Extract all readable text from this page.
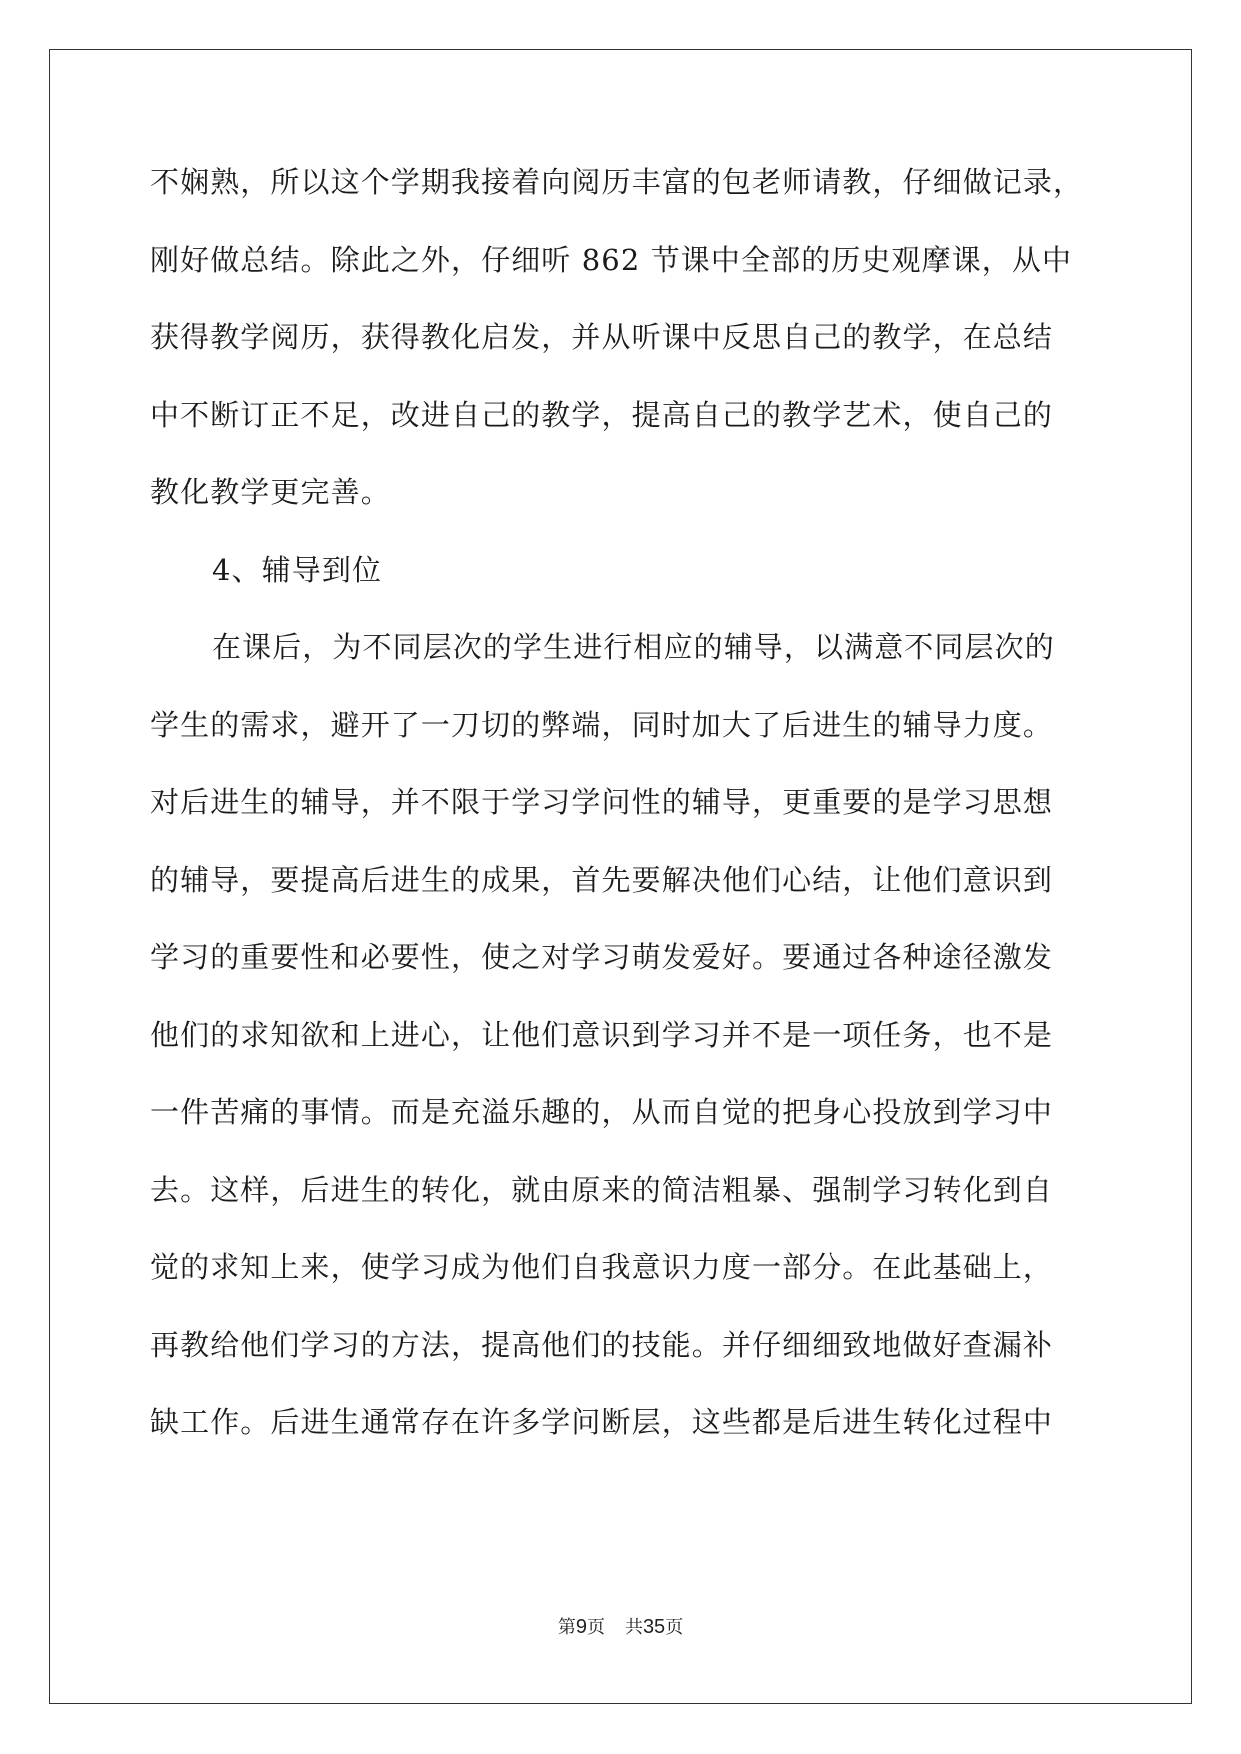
不娴熟，所以这个学期我接着向阅历丰富的包老师请教，仔细做记录，
刚好做总结。除此之外，仔细听 862 节课中全部的历史观摩课，从中
获得教学阅历，获得教化启发，并从听课中反思自己的教学，在总结
中不断订正不足，改进自己的教学，提高自己的教学艺术，使自己的
教化教学更完善。
4、辅导到位
在课后，为不同层次的学生进行相应的辅导，以满意不同层次的
学生的需求，避开了一刀切的弊端，同时加大了后进生的辅导力度。
对后进生的辅导，并不限于学习学问性的辅导，更重要的是学习思想
的辅导，要提高后进生的成果，首先要解决他们心结，让他们意识到
学习的重要性和必要性，使之对学习萌发爱好。要通过各种途径激发
他们的求知欲和上进心，让他们意识到学习并不是一项任务，也不是
一件苦痛的事情。而是充溢乐趣的，从而自觉的把身心投放到学习中
去。这样，后进生的转化，就由原来的简洁粗暴、强制学习转化到自
觉的求知上来，使学习成为他们自我意识力度一部分。在此基础上，
再教给他们学习的方法，提高他们的技能。并仔细细致地做好查漏补
缺工作。后进生通常存在许多学问断层，这些都是后进生转化过程中
第9页 共35页
